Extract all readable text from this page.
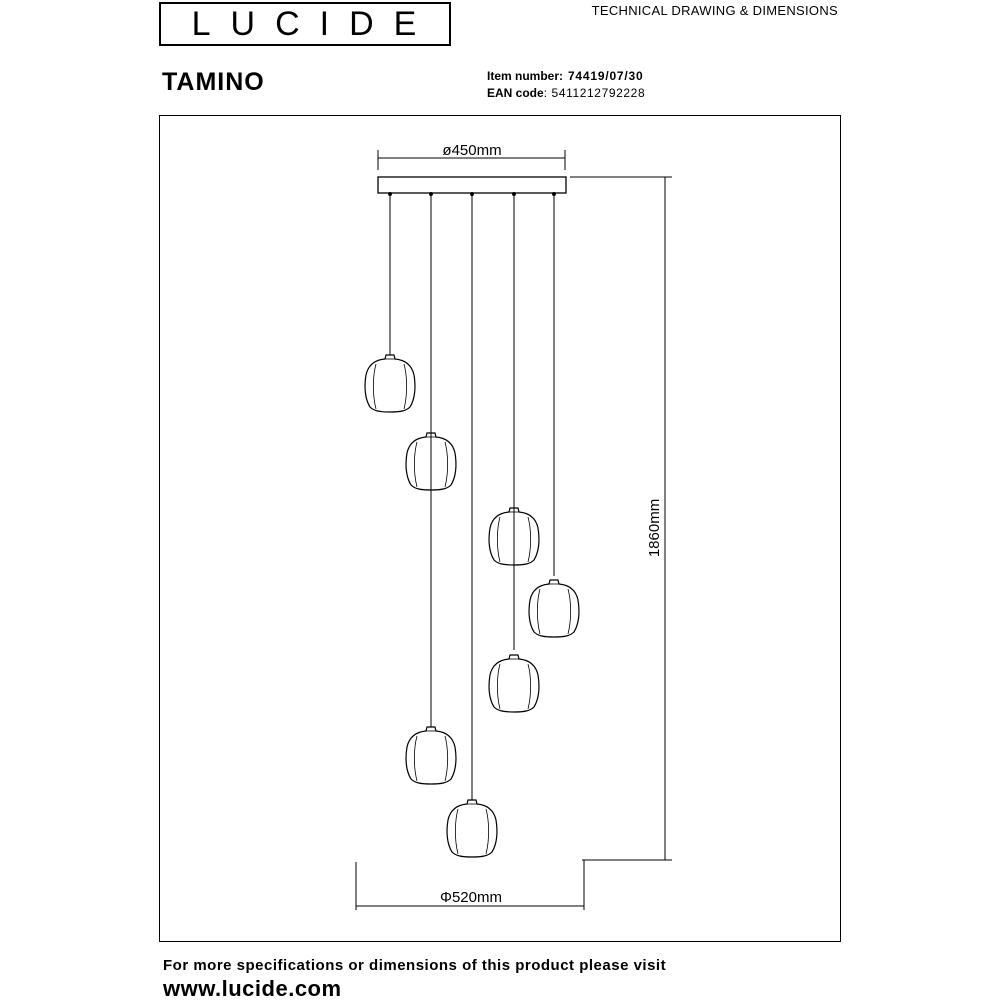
LUCIDE	TECHNICAL DRAWING & DIMENSIONS
TAMINO	Item number: 74419/07/30
EAN code: 5411212792228
ø450mm
1860mm
Φ520mm
For more specifications or dimensions of this product please visit
www.lucide.com
